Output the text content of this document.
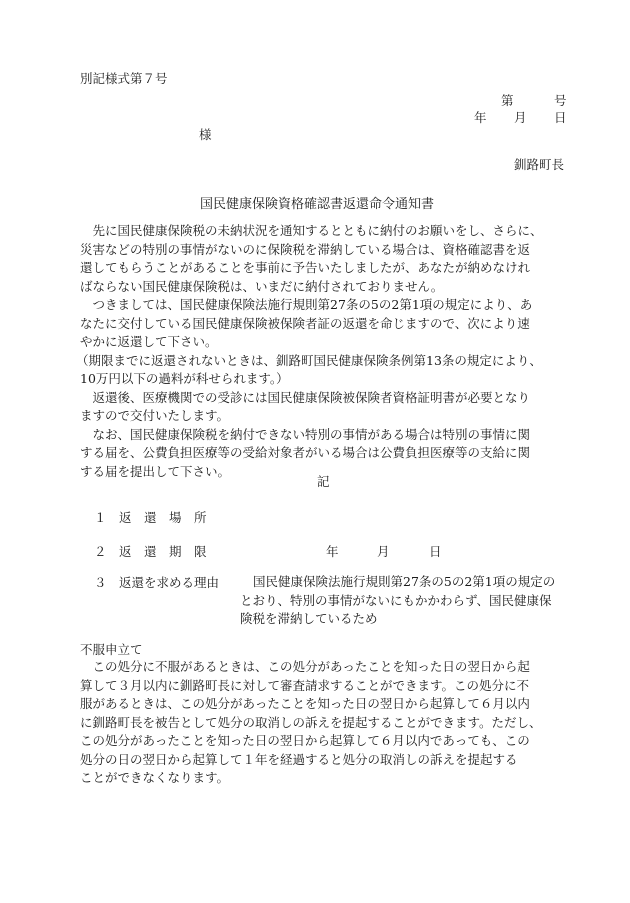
別記様式第７号
第	号
年 月 日
様
釧路町長
国民健康保険資格確認書返還命令通知書
　先に国民健康保険税の未納状況を通知するとともに納付のお願いをし、さらに、
災害などの特別の事情がないのに保険税を滞納している場合は、資格確認書を返
還してもらうことがあることを事前に予告いたしましたが、あなたが納めなけれ
ばならない国民健康保険税は、いまだに納付されておりません。
　つきましては、国民健康保険法施行規則第27条の5の2第1項の規定により、あ
なたに交付している国民健康保険被保険者証の返還を命じますので、次により速
やかに返還して下さい。
（期限までに返還されないときは、釧路町国民健康保険条例第13条の規定により、
10万円以下の過料が科せられます。）
　返還後、医療機関での受診には国民健康保険被保険者資格証明書が必要となり
ますので交付いたします。
　なお、国民健康保険税を納付できない特別の事情がある場合は特別の事情に関
する届を、公費負担医療等の受給対象者がいる場合は公費負担医療等の支給に関
する届を提出して下さい。
記
１ 返　還　場　所
２ 返　還　期　限	年	月	日
３ 返還を求める理由	国民健康保険法施行規則第27条の5の2第1項の規定の
とおり、特別の事情がないにもかかわらず、国民健康保
険税を滞納しているため
不服申立て
　この処分に不服があるときは、この処分があったことを知った日の翌日から起
算して３月以内に釧路町長に対して審査請求することができます。この処分に不
服があるときは、この処分があったことを知った日の翌日から起算して６月以内
に釧路町長を被告として処分の取消しの訴えを提起することができます。ただし、
この処分があったことを知った日の翌日から起算して６月以内であっても、この
処分の日の翌日から起算して１年を経過すると処分の取消しの訴えを提起する
ことができなくなります。
